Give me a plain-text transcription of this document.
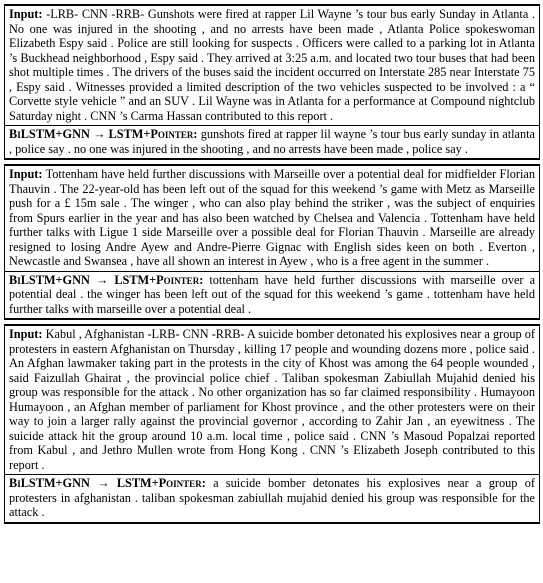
Input: -LRB- CNN -RRB- Gunshots were fired at rapper Lil Wayne ’s tour bus early Sunday in Atlanta . No one was injured in the shooting , and no arrests have been made , Atlanta Police spokeswoman Elizabeth Espy said . Police are still looking for suspects . Officers were called to a parking lot in Atlanta ’s Buckhead neighborhood , Espy said . They arrived at 3:25 a.m. and located two tour buses that had been shot multiple times . The drivers of the buses said the incident occurred on Interstate 285 near Interstate 75 , Espy said . Witnesses provided a limited description of the two vehicles suspected to be involved : a “ Corvette style vehicle ” and an SUV . Lil Wayne was in Atlanta for a performance at Compound nightclub Saturday night . CNN ’s Carma Hassan contributed to this report .
BiLSTM+GNN → LSTM+Pointer: gunshots fired at rapper lil wayne ’s tour bus early sunday in atlanta , police say . no one was injured in the shooting , and no arrests have been made , police say .
Input: Tottenham have held further discussions with Marseille over a potential deal for midfielder Florian Thauvin . The 22-year-old has been left out of the squad for this weekend ’s game with Metz as Marseille push for a £ 15m sale . The winger , who can also play behind the striker , was the subject of enquiries from Spurs earlier in the year and has also been watched by Chelsea and Valencia . Tottenham have held further talks with Ligue 1 side Marseille over a possible deal for Florian Thauvin . Marseille are already resigned to losing Andre Ayew and Andre-Pierre Gignac with English sides keen on both . Everton , Newcastle and Swansea , have all shown an interest in Ayew , who is a free agent in the summer .
BiLSTM+GNN → LSTM+Pointer: tottenham have held further discussions with marseille over a potential deal . the winger has been left out of the squad for this weekend ’s game . tottenham have held further talks with marseille over a potential deal .
Input: Kabul , Afghanistan -LRB- CNN -RRB- A suicide bomber detonated his explosives near a group of protesters in eastern Afghanistan on Thursday , killing 17 people and wounding dozens more , police said . An Afghan lawmaker taking part in the protests in the city of Khost was among the 64 people wounded , said Faizullah Ghairat , the provincial police chief . Taliban spokesman Zabiullah Mujahid denied his group was responsible for the attack . No other organization has so far claimed responsibility . Humayoon Humayoon , an Afghan member of parliament for Khost province , and the other protesters were on their way to join a larger rally against the provincial governor , according to Zahir Jan , an eyewitness . The suicide attack hit the group around 10 a.m. local time , police said . CNN ’s Masoud Popalzai reported from Kabul , and Jethro Mullen wrote from Hong Kong . CNN ’s Elizabeth Joseph contributed to this report .
BiLSTM+GNN → LSTM+Pointer: a suicide bomber detonates his explosives near a group of protesters in afghanistan . taliban spokesman zabiullah mujahid denied his group was responsible for the attack .
